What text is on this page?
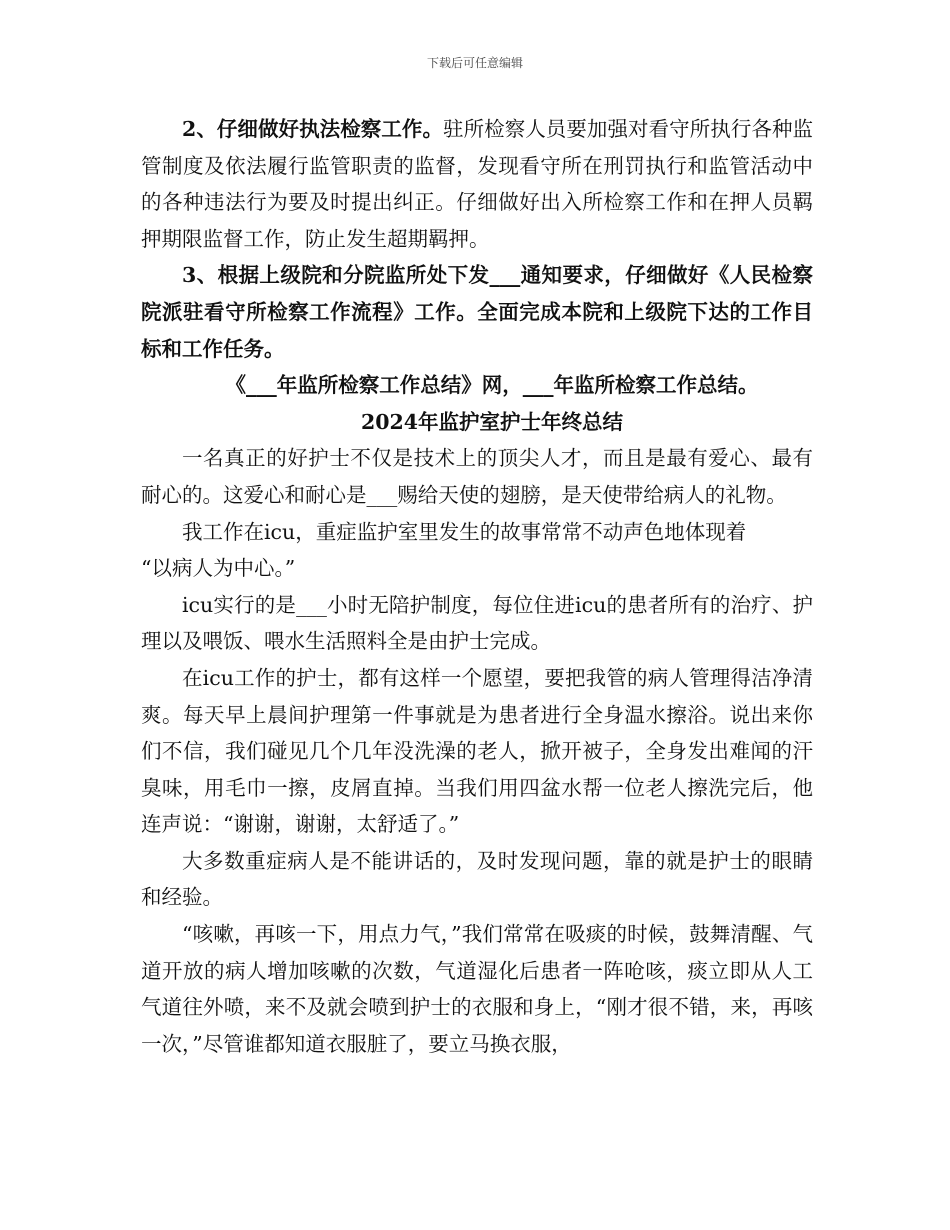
下载后可任意编辑

2、仔细做好执法检察工作。驻所检察人员要加强对看守所执行各种监管制度及依法履行监管职责的监督，发现看守所在刑罚执行和监管活动中的各种违法行为要及时提出纠正。仔细做好出入所检察工作和在押人员羁押期限监督工作，防止发生超期羁押。

3、根据上级院和分院监所处下发___通知要求，仔细做好《人民检察院派驻看守所检察工作流程》工作。全面完成本院和上级院下达的工作目标和工作任务。

《___年监所检察工作总结》网，___年监所检察工作总结。

2024年监护室护士年终总结

一名真正的好护士不仅是技术上的顶尖人才，而且是最有爱心、最有耐心的。这爱心和耐心是___赐给天使的翅膀，是天使带给病人的礼物。

我工作在icu，重症监护室里发生的故事常常不动声色地体现着

“以病人为中心。”

icu实行的是___小时无陪护制度，每位住进icu的患者所有的治疗、护理以及喂饭、喂水生活照料全是由护士完成。

在icu工作的护士，都有这样一个愿望，要把我管的病人管理得洁净清爽。每天早上晨间护理第一件事就是为患者进行全身温水擦浴。说出来你们不信，我们碰见几个几年没洗澡的老人，掀开被子，全身发出难闻的汗臭味，用毛巾一擦，皮屑直掉。当我们用四盆水帮一位老人擦洗完后，他连声说：“谢谢，谢谢，太舒适了。”

大多数重症病人是不能讲话的，及时发现问题，靠的就是护士的眼睛和经验。

“咳嗽，再咳一下，用点力气，”我们常常在吸痰的时候，鼓舞清醒、气道开放的病人增加咳嗽的次数，气道湿化后患者一阵呛咳，痰立即从人工气道往外喷，来不及就会喷到护士的衣服和身上，“刚才很不错，来，再咳一次，”尽管谁都知道衣服脏了，要立马换衣服，
